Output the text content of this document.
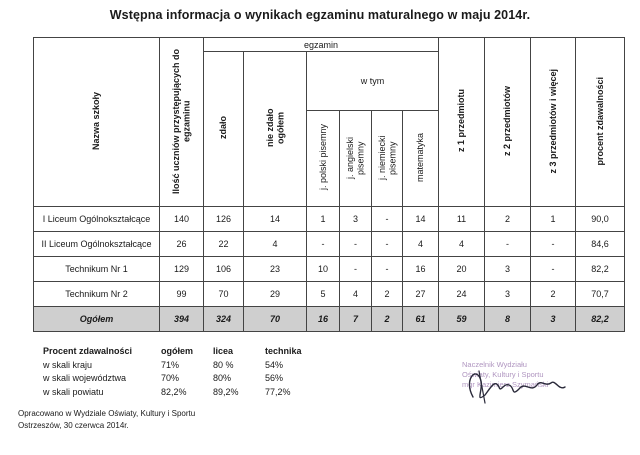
Wstępna informacja o wynikach egzaminu maturalnego w maju 2014r.
Nazwa szkoły	Ilość uczniów przystępujących do egzaminu	egzamin						z 1 przedmiotu	z 2 przedmiotów	z 3 przedmiotów i więcej	procent zdawalności
		zdało	nie zdało ogółem	w tym							
				j. polski pisemny	j. angielski pisemny	j. niemiecki pisemny	matematyka				
I Liceum Ogólnokształcące	140	126	14	1	3	-	14	11	2	1	90,0
II Liceum Ogólnokształcące	26	22	4	-	-	-	4	4	-	-	84,6
Technikum Nr 1	129	106	23	10	-	-	16	20	3	-	82,2
Technikum Nr 2	99	70	29	5	4	2	27	24	3	2	70,7
Ogółem	394	324	70	16	7	2	61	59	8	3	82,2
Procent zdawalności	ogółem	licea	technika
w skali kraju	71%	80 %	54%
w skali województwa	70%	80%	56%
w skali powiatu	82,2%	89,2%	77,2%
Opracowano w Wydziale Oświaty, Kultury i Sportu
Ostrzeszów, 30 czerwca 2014r.
Naczelnik Wydziału
Oświaty, Kultury i Sportu
mgr Kazimierz Szymański
